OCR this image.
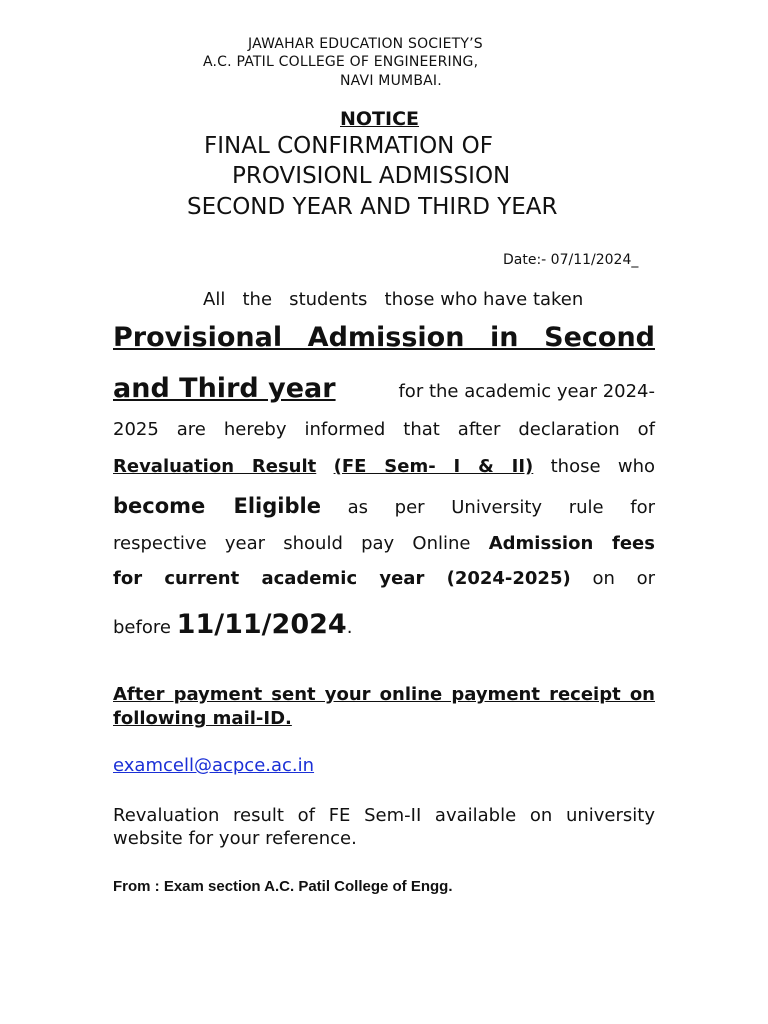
JAWAHAR EDUCATION SOCIETY’S
A.C. PATIL COLLEGE OF ENGINEERING,
NAVI MUMBAI.
NOTICE
FINAL CONFIRMATION OF
PROVISIONL ADMISSION
SECOND YEAR AND THIRD YEAR
Date:- 07/11/2024_
All   the   students   those who have taken
Provisional Admission in Second
and Third year	for the academic year 2024-
2025 are hereby informed that after declaration of
Revaluation Result (FE Sem- I & II) those who
become Eligible as per University rule for
respective year should pay Online Admission fees
for current academic year (2024-2025) on or
before 11/11/2024.
After payment sent your online payment receipt on following mail-ID.
examcell@acpce.ac.in
Revaluation result of FE Sem-II available on university website for your reference.
From : Exam section A.C. Patil College of Engg.
